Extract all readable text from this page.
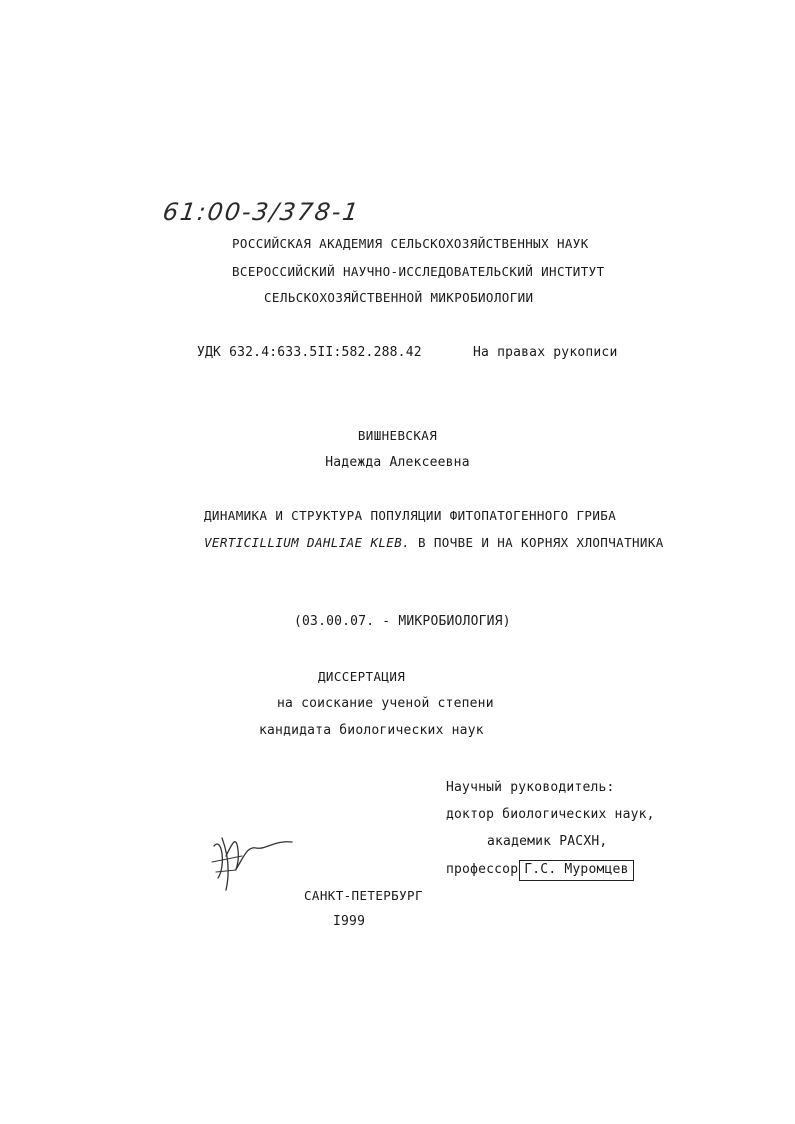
61:00-3/378-1
РОССИЙСКАЯ АКАДЕМИЯ СЕЛЬСКОХОЗЯЙСТВЕННЫХ НАУК
ВСЕРОССИЙСКИЙ НАУЧНО-ИССЛЕДОВАТЕЛЬСКИЙ ИНСТИТУТ
СЕЛЬСКОХОЗЯЙСТВЕННОЙ МИКРОБИОЛОГИИ
УДК 632.4:633.5II:582.288.42	На правах рукописи
ВИШНЕВСКАЯ
Надежда Алексеевна
ДИНАМИКА И СТРУКТУРА ПОПУЛЯЦИИ ФИТОПАТОГЕННОГО ГРИБА
VERTICILLIUM DAHLIAE KLEB. В ПОЧВЕ И НА КОРНЯХ ХЛОПЧАТНИКА
(03.00.07. - МИКРОБИОЛОГИЯ)
ДИССЕРТАЦИЯ
на соискание ученой степени
кандидата биологических наук
Научный руководитель:
доктор биологических наук,
академик РАСХН,
профессор Г.С. Муромцев
САНКТ-ПЕТЕРБУРГ
I999
